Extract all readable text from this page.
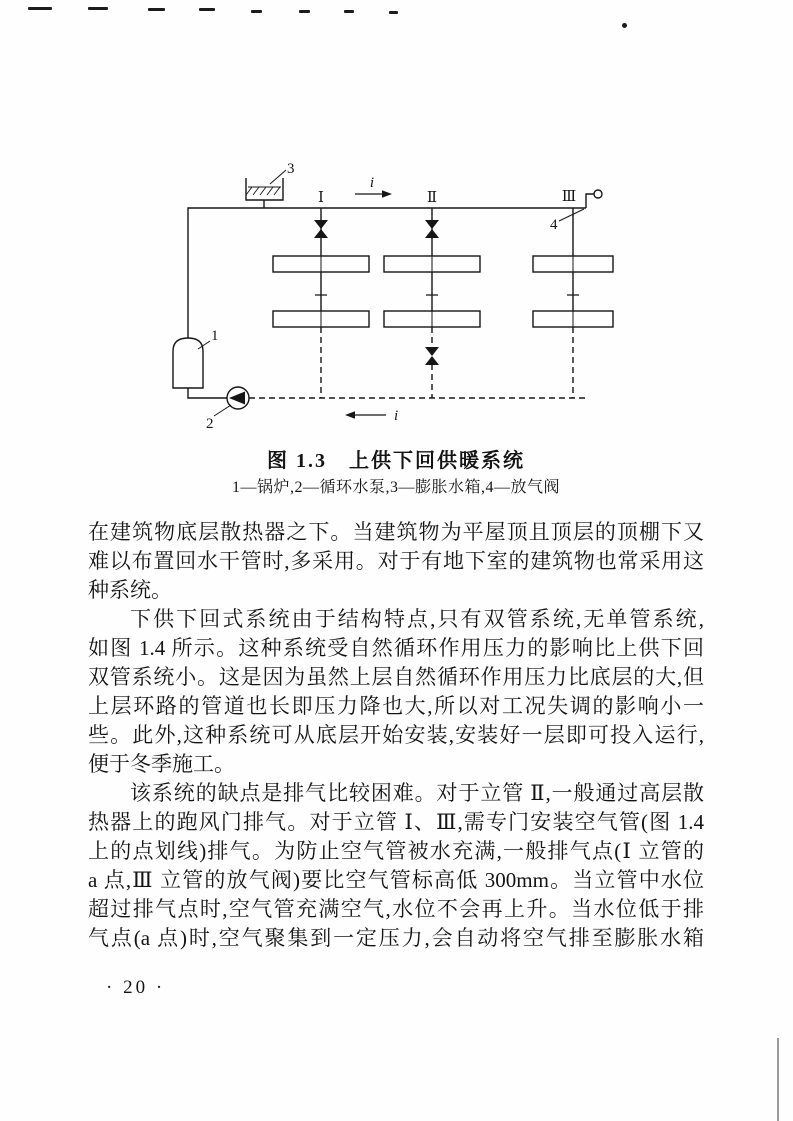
3
Ⅰ	Ⅱ	Ⅲ
i
i
1
2
4
图 1.3　上供下回供暖系统
1—锅炉,2—循环水泵,3—膨胀水箱,4—放气阀
在建筑物底层散热器之下。当建筑物为平屋顶且顶层的顶棚下又
难以布置回水干管时,多采用。对于有地下室的建筑物也常采用这
种系统。
下供下回式系统由于结构特点,只有双管系统,无单管系统,
如图 1.4 所示。这种系统受自然循环作用压力的影响比上供下回
双管系统小。这是因为虽然上层自然循环作用压力比底层的大,但
上层环路的管道也长即压力降也大,所以对工况失调的影响小一
些。此外,这种系统可从底层开始安装,安装好一层即可投入运行,
便于冬季施工。
该系统的缺点是排气比较困难。对于立管 Ⅱ,一般通过高层散
热器上的跑风门排气。对于立管 Ⅰ、Ⅲ,需专门安装空气管(图 1.4
上的点划线)排气。为防止空气管被水充满,一般排气点(Ⅰ 立管的
a 点,Ⅲ 立管的放气阀)要比空气管标高低 300mm。当立管中水位
超过排气点时,空气管充满空气,水位不会再上升。当水位低于排
气点(a 点)时,空气聚集到一定压力,会自动将空气排至膨胀水箱
· 20 ·
